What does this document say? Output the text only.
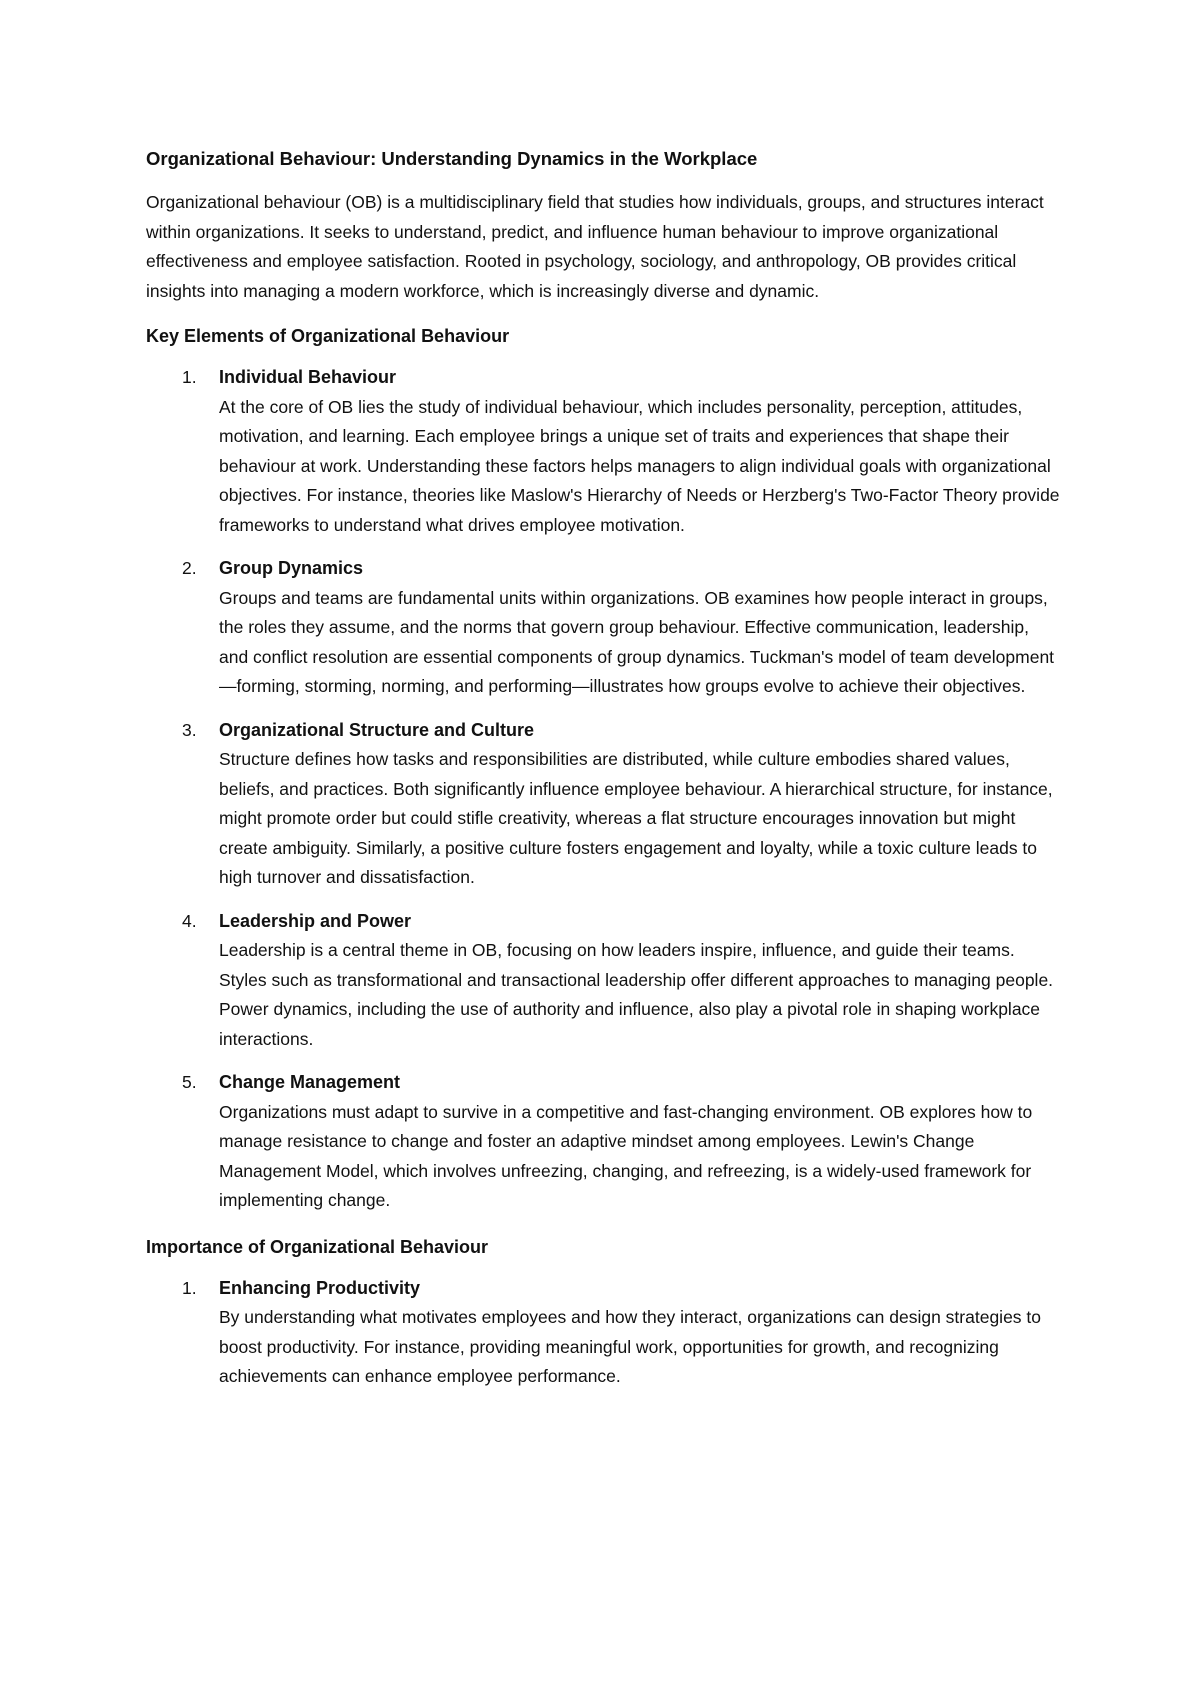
Organizational Behaviour: Understanding Dynamics in the Workplace

Organizational behaviour (OB) is a multidisciplinary field that studies how individuals, groups, and structures interact within organizations. It seeks to understand, predict, and influence human behaviour to improve organizational effectiveness and employee satisfaction. Rooted in psychology, sociology, and anthropology, OB provides critical insights into managing a modern workforce, which is increasingly diverse and dynamic.

Key Elements of Organizational Behaviour
1. Individual Behaviour
At the core of OB lies the study of individual behaviour, which includes personality, perception, attitudes, motivation, and learning. Each employee brings a unique set of traits and experiences that shape their behaviour at work. Understanding these factors helps managers to align individual goals with organizational objectives. For instance, theories like Maslow's Hierarchy of Needs or Herzberg's Two-Factor Theory provide frameworks to understand what drives employee motivation.
2. Group Dynamics
Groups and teams are fundamental units within organizations. OB examines how people interact in groups, the roles they assume, and the norms that govern group behaviour. Effective communication, leadership, and conflict resolution are essential components of group dynamics. Tuckman's model of team development—forming, storming, norming, and performing—illustrates how groups evolve to achieve their objectives.
3. Organizational Structure and Culture
Structure defines how tasks and responsibilities are distributed, while culture embodies shared values, beliefs, and practices. Both significantly influence employee behaviour. A hierarchical structure, for instance, might promote order but could stifle creativity, whereas a flat structure encourages innovation but might create ambiguity. Similarly, a positive culture fosters engagement and loyalty, while a toxic culture leads to high turnover and dissatisfaction.
4. Leadership and Power
Leadership is a central theme in OB, focusing on how leaders inspire, influence, and guide their teams. Styles such as transformational and transactional leadership offer different approaches to managing people. Power dynamics, including the use of authority and influence, also play a pivotal role in shaping workplace interactions.
5. Change Management
Organizations must adapt to survive in a competitive and fast-changing environment. OB explores how to manage resistance to change and foster an adaptive mindset among employees. Lewin's Change Management Model, which involves unfreezing, changing, and refreezing, is a widely-used framework for implementing change.
Importance of Organizational Behaviour
1. Enhancing Productivity
By understanding what motivates employees and how they interact, organizations can design strategies to boost productivity. For instance, providing meaningful work, opportunities for growth, and recognizing achievements can enhance employee performance.
